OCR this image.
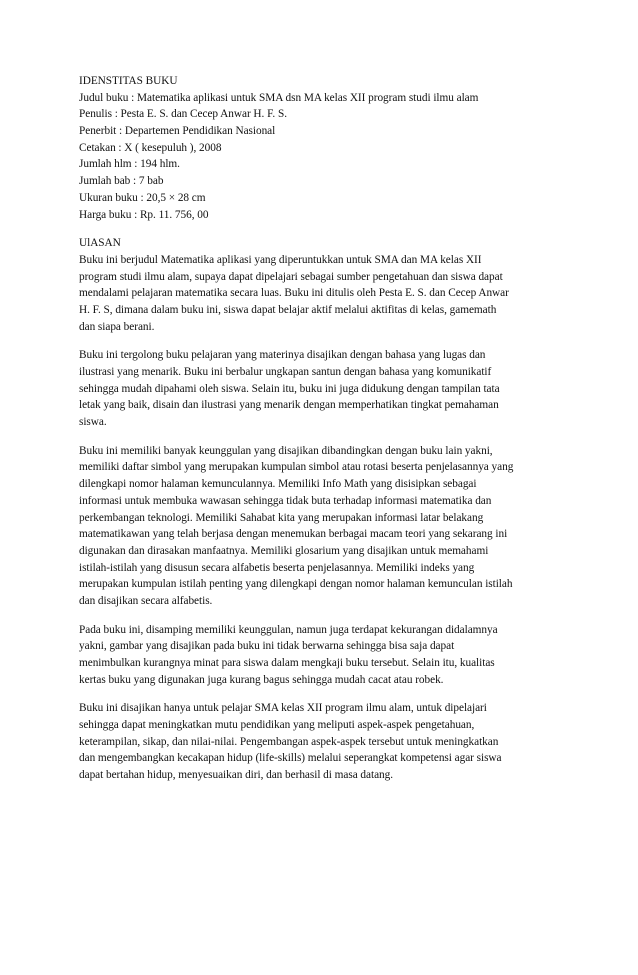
IDENSTITAS BUKU
Judul buku : Matematika aplikasi untuk SMA dsn MA kelas XII program studi ilmu alam
Penulis : Pesta E. S. dan Cecep Anwar H. F. S.
Penerbit : Departemen Pendidikan Nasional
Cetakan : X ( kesepuluh ), 2008
Jumlah hlm : 194 hlm.
Jumlah bab : 7 bab
Ukuran buku : 20,5 × 28 cm
Harga buku : Rp. 11. 756, 00
UlASAN
Buku ini berjudul Matematika aplikasi yang diperuntukkan untuk SMA dan MA kelas XII
program studi ilmu alam, supaya dapat dipelajari sebagai sumber pengetahuan dan siswa dapat
mendalami pelajaran matematika secara luas. Buku ini ditulis oleh Pesta E. S. dan Cecep Anwar
H. F. S, dimana dalam buku ini, siswa dapat belajar aktif melalui aktifitas di kelas, gamemath
dan siapa berani.
Buku ini tergolong buku pelajaran yang materinya disajikan dengan bahasa yang lugas dan
ilustrasi yang menarik. Buku ini berbalur ungkapan santun dengan bahasa yang komunikatif
sehingga mudah dipahami oleh siswa. Selain itu, buku ini juga didukung dengan tampilan tata
letak yang baik, disain dan ilustrasi yang menarik dengan memperhatikan tingkat pemahaman
siswa.
Buku ini memiliki banyak keunggulan yang disajikan dibandingkan dengan buku lain yakni,
memiliki daftar simbol yang merupakan kumpulan simbol atau rotasi beserta penjelasannya yang
dilengkapi nomor halaman kemunculannya. Memiliki Info Math yang disisipkan sebagai
informasi untuk membuka wawasan sehingga tidak buta terhadap informasi matematika dan
perkembangan teknologi. Memiliki Sahabat kita yang merupakan informasi latar belakang
matematikawan yang telah berjasa dengan menemukan berbagai macam teori yang sekarang ini
digunakan dan dirasakan manfaatnya. Memiliki glosarium yang disajikan untuk memahami
istilah-istilah yang disusun secara alfabetis beserta penjelasannya. Memiliki indeks yang
merupakan kumpulan istilah penting yang dilengkapi dengan nomor halaman kemunculan istilah
dan disajikan secara alfabetis.
Pada buku ini, disamping memiliki keunggulan, namun juga terdapat kekurangan didalamnya
yakni, gambar yang disajikan pada buku ini tidak berwarna sehingga bisa saja dapat
menimbulkan kurangnya minat para siswa dalam mengkaji buku tersebut. Selain itu, kualitas
kertas buku yang digunakan juga kurang bagus sehingga mudah cacat atau robek.
Buku ini disajikan hanya untuk pelajar SMA kelas XII program ilmu alam, untuk dipelajari
sehingga dapat meningkatkan mutu pendidikan yang meliputi aspek-aspek pengetahuan,
keterampilan, sikap, dan nilai-nilai. Pengembangan aspek-aspek tersebut untuk meningkatkan
dan mengembangkan kecakapan hidup (life-skills) melalui seperangkat kompetensi agar siswa
dapat bertahan hidup, menyesuaikan diri, dan berhasil di masa datang.
